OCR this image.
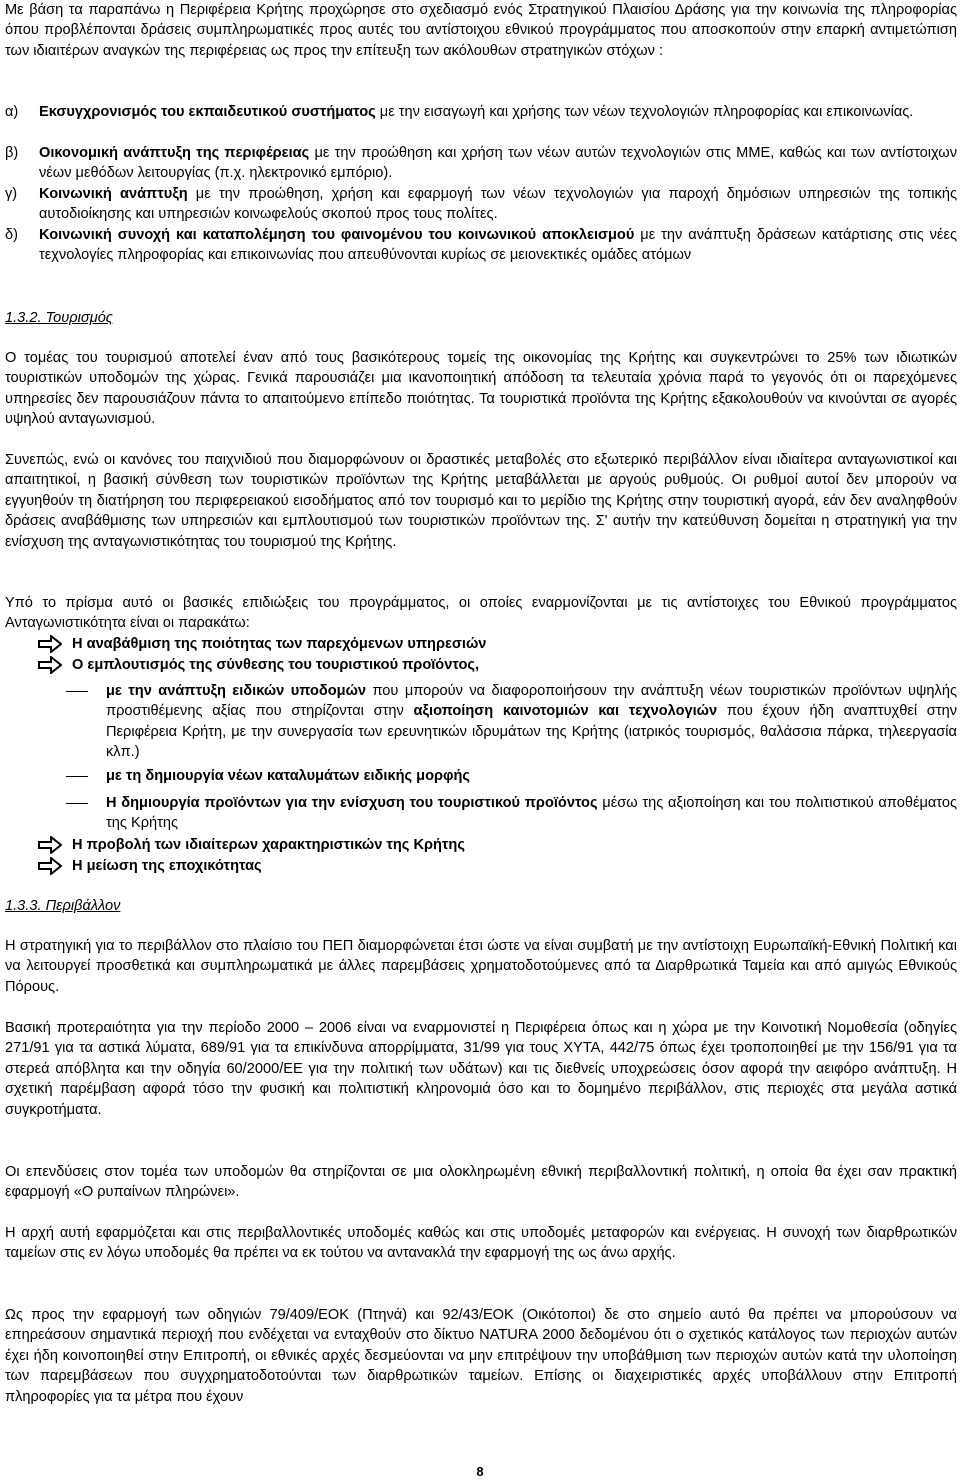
Με βάση τα παραπάνω η Περιφέρεια Κρήτης προχώρησε στο σχεδιασμό ενός Στρατηγικού Πλαισίου Δράσης για την κοινωνία της πληροφορίας όπου προβλέπονται δράσεις συμπληρωματικές προς αυτές του αντίστοιχου εθνικού προγράμματος που αποσκοπούν στην επαρκή αντιμετώπιση των ιδιαιτέρων αναγκών της περιφέρειας ως προς την επίτευξη των ακόλουθων στρατηγικών στόχων :

α)	Εκσυγχρονισμός του εκπαιδευτικού συστήματος με την εισαγωγή και χρήσης των νέων τεχνολογιών πληροφορίας και επικοινωνίας.
β)	Οικονομική ανάπτυξη της περιφέρειας με την προώθηση και χρήση των νέων αυτών τεχνολογιών στις ΜΜΕ, καθώς και των αντίστοιχων νέων μεθόδων λειτουργίας (π.χ. ηλεκτρονικό εμπόριο).
γ)	Κοινωνική ανάπτυξη με την προώθηση, χρήση και εφαρμογή των νέων τεχνολογιών για παροχή δημόσιων υπηρεσιών της τοπικής αυτοδιοίκησης και υπηρεσιών κοινωφελούς σκοπού προς τους πολίτες.
δ)	Κοινωνική συνοχή και καταπολέμηση του φαινομένου του κοινωνικού αποκλεισμού με την ανάπτυξη δράσεων κατάρτισης στις νέες τεχνολογίες πληροφορίας και επικοινωνίας που απευθύνονται κυρίως σε μειονεκτικές ομάδες ατόμων
1.3.2. Τουρισμός

Ο τομέας του τουρισμού αποτελεί έναν από τους βασικότερους τομείς της οικονομίας της Κρήτης και συγκεντρώνει το 25% των ιδιωτικών τουριστικών υποδομών της χώρας. Γενικά παρουσιάζει μια ικανοποιητική απόδοση τα τελευταία χρόνια παρά το γεγονός ότι οι παρεχόμενες υπηρεσίες δεν παρουσιάζουν πάντα το απαιτούμενο επίπεδο ποιότητας. Τα τουριστικά προϊόντα της Κρήτης εξακολουθούν να κινούνται σε αγορές υψηλού ανταγωνισμού.

Συνεπώς, ενώ οι κανόνες του παιχνιδιού που διαμορφώνουν οι δραστικές μεταβολές στο εξωτερικό περιβάλλον είναι ιδιαίτερα ανταγωνιστικοί και απαιτητικοί, η βασική σύνθεση των τουριστικών προϊόντων της Κρήτης μεταβάλλεται με αργούς ρυθμούς. Οι ρυθμοί αυτοί δεν μπορούν να εγγυηθούν τη διατήρηση του περιφερειακού εισοδήματος από τον τουρισμό και το μερίδιο της Κρήτης στην τουριστική αγορά, εάν δεν αναληφθούν δράσεις αναβάθμισης των υπηρεσιών και εμπλουτισμού των τουριστικών προϊόντων της. Σ' αυτήν την κατεύθυνση δομείται η στρατηγική για την ενίσχυση της ανταγωνιστικότητας του τουρισμού της Κρήτης.

Υπό το πρίσμα αυτό οι βασικές επιδιώξεις του προγράμματος, οι οποίες εναρμονίζονται με τις αντίστοιχες του Εθνικού προγράμματος Ανταγωνιστικότητα είναι οι παρακάτω:

Η αναβάθμιση της ποιότητας των παρεχόμενων υπηρεσιών
Ο εμπλουτισμός της σύνθεσης του τουριστικού προϊόντος,
με την ανάπτυξη ειδικών υποδομών που μπορούν να διαφοροποιήσουν την ανάπτυξη νέων τουριστικών προϊόντων υψηλής προστιθέμενης αξίας που στηρίζονται στην αξιοποίηση καινοτομιών και τεχνολογιών που έχουν ήδη αναπτυχθεί στην Περιφέρεια Κρήτη, με την συνεργασία των ερευνητικών ιδρυμάτων της Κρήτης (ιατρικός τουρισμός, θαλάσσια πάρκα, τηλεεργασία κλπ.)
με τη δημιουργία νέων καταλυμάτων ειδικής μορφής
Η δημιουργία προϊόντων για την ενίσχυση του τουριστικού προϊόντος μέσω της αξιοποίηση και του πολιτιστικού αποθέματος της Κρήτης
Η προβολή των ιδιαίτερων χαρακτηριστικών της Κρήτης
Η μείωση της εποχικότητας
1.3.3. Περιβάλλον

Η στρατηγική για το περιβάλλον στο πλαίσιο του ΠΕΠ διαμορφώνεται έτσι ώστε να είναι συμβατή με την αντίστοιχη Ευρωπαϊκή-Εθνική Πολιτική και να λειτουργεί προσθετικά και συμπληρωματικά με άλλες παρεμβάσεις χρηματοδοτούμενες από τα Διαρθρωτικά Ταμεία και από αμιγώς Εθνικούς Πόρους.

Βασική προτεραιότητα για την περίοδο 2000 – 2006 είναι να εναρμονιστεί η Περιφέρεια όπως και η χώρα με την Κοινοτική Νομοθεσία (οδηγίες 271/91 για τα αστικά λύματα, 689/91 για τα επικίνδυνα απορρίμματα, 31/99 για τους ΧΥΤΑ, 442/75 όπως έχει τροποποιηθεί με την 156/91 για τα στερεά απόβλητα και την οδηγία 60/2000/ΕΕ για την πολιτική των υδάτων) και τις διεθνείς υποχρεώσεις όσον αφορά την αειφόρο ανάπτυξη. Η σχετική παρέμβαση αφορά τόσο την φυσική και πολιτιστική κληρονομιά όσο και το δομημένο περιβάλλον, στις περιοχές στα μεγάλα αστικά συγκροτήματα.

Οι επενδύσεις στον τομέα των υποδομών θα στηρίζονται σε μια ολοκληρωμένη εθνική περιβαλλοντική πολιτική, η οποία θα έχει σαν πρακτική εφαρμογή «Ο ρυπαίνων πληρώνει».

Η αρχή αυτή εφαρμόζεται και στις περιβαλλοντικές υποδομές καθώς και στις υποδομές μεταφορών και ενέργειας. Η συνοχή των διαρθρωτικών ταμείων στις εν λόγω υποδομές θα πρέπει να εκ τούτου να αντανακλά την εφαρμογή της ως άνω αρχής.

Ως προς την εφαρμογή των οδηγιών 79/409/ΕΟΚ (Πτηνά) και 92/43/ΕΟΚ (Οικότοποι) δε στο σημείο αυτό θα πρέπει να μπορούσουν να επηρεάσουν σημαντικά περιοχή που ενδέχεται να ενταχθούν στο δίκτυο NATURA 2000 δεδομένου ότι ο σχετικός κατάλογος των περιοχών αυτών έχει ήδη κοινοποιηθεί στην Επιτροπή, οι εθνικές αρχές δεσμεύονται να μην επιτρέψουν την υποβάθμιση των περιοχών αυτών κατά την υλοποίηση των παρεμβάσεων που συγχρηματοδοτούνται των διαρθρωτικών ταμείων. Επίσης οι διαχειριστικές αρχές υποβάλλουν στην Επιτροπή πληροφορίες για τα μέτρα που έχουν

8
